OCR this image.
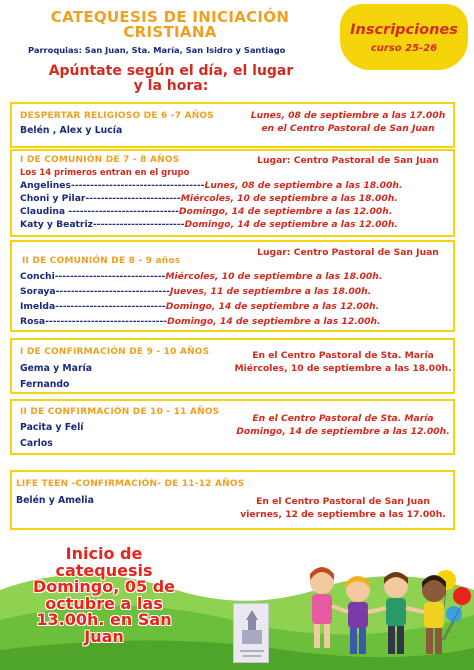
CATEQUESIS DE INICIACIÓN
CRISTIANA
Parroquias: San Juan, Sta. María, San Isidro y Santiago
Apúntate según el día, el lugar
y la hora:
Inscripciones
curso 25-26
DESPERTAR RELIGIOSO DE 6 -7 AÑOS
Belén , Alex y Lucía
Lunes, 08 de septiembre a las 17.00h
en el Centro Pastoral de San Juan
I DE COMUNIÓN DE 7 - 8 AÑOS	Lugar: Centro Pastoral de San Juan
Los 14 primeros entran en el grupo
Angelines-----------------------------------Lunes, 08 de septiembre a las 18.00h.
Choni y Pilar-------------------------Miércoles, 10 de septiembre a las 18.00h.
Claudina -----------------------------Domingo, 14 de septiembre a las 12.00h.
Katy y Beatriz------------------------Domingo, 14 de septiembre a las 12.00h.
Lugar: Centro Pastoral de San Juan
II DE COMUNIÓN DE 8 - 9 años
Conchi-----------------------------Miércoles, 10 de septiembre a las 18.00h.
Soraya------------------------------Jueves, 11 de septiembre a las 18.00h.
Imelda-----------------------------Domingo, 14 de septiembre a las 12.00h.
Rosa--------------------------------Domingo, 14 de septiembre a las 12.00h.
I DE CONFIRMACIÓN DE 9 - 10 AÑOS
Gema y María
Fernando
En el Centro Pastoral de Sta. María
Miércoles, 10 de septiembre a las 18.00h.
II DE CONFIRMACIÓN DE 10 - 11 AÑOS
Pacita y Felí
Carlos
En el Centro Pastoral de Sta. María
Domingo, 14 de septiembre a las 12.00h.
LIFE TEEN -CONFIRMACIÓN- DE 11-12 AÑOS
Belén y Amelia	En el Centro Pastoral de San Juan
viernes, 12 de septiembre a las 17.00h.
Inicio de
catequesis
Domingo, 05 de
octubre a las
13.00h. en San
Juan
